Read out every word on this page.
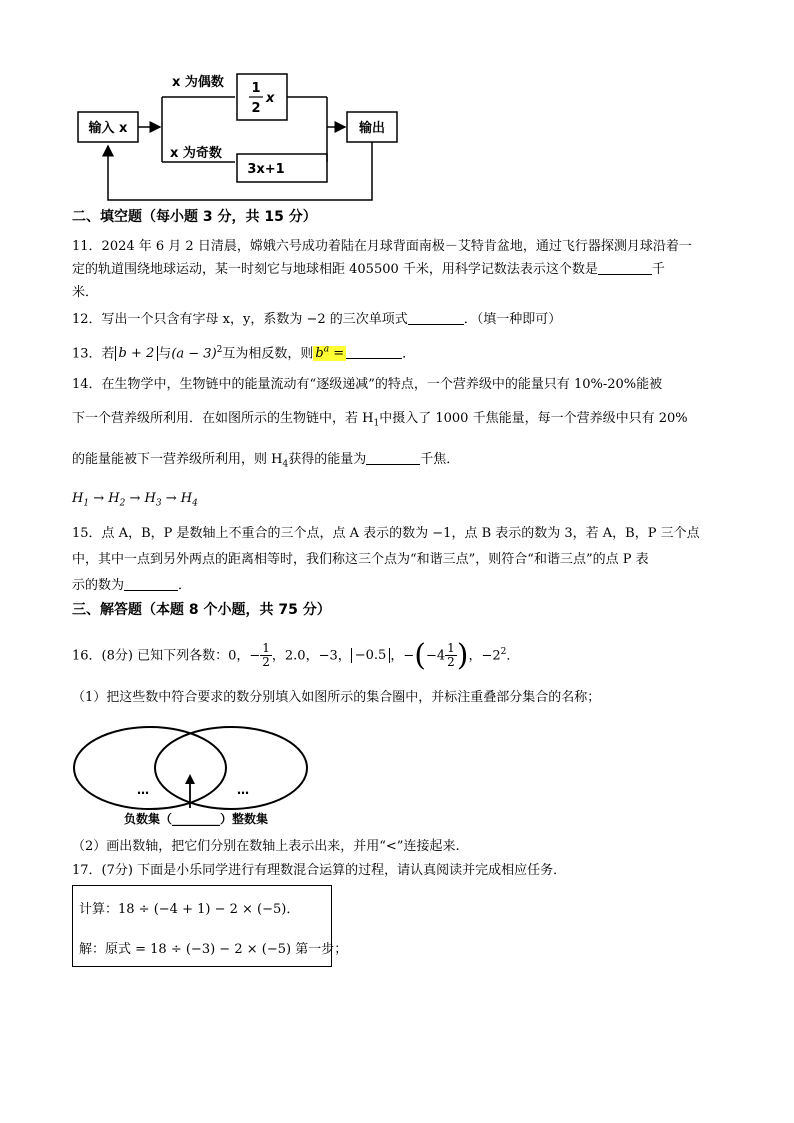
输入 x
x 为偶数 1
2
x
x 为奇数
3x+1
输出
二、填空题（每小题 3 分，共 15 分）
11．2024 年 6 月 2 日清晨，嫦娥六号成功着陆在月球背面南极－艾特肯盆地，通过飞行器探测月球沿着一
定的轨道围绕地球运动，某一时刻它与地球相距 405500 千米，用科学记数法表示这个数是	千
米．
12．写出一个只含有字母 x，y，系数为 −2 的三次单项式	．（填一种即可）
13．若 b + 2 与$(a - 3)^2$互为相反数，则 $b^a$ =	．
14．在生物学中，生物链中的能量流动有“逐级递减”的特点，一个营养级中的能量只有 10%-20%能被
下一个营养级所利用．在如图所示的生物链中，若 $H_1$中摄入了 1000 千焦能量，每一个营养级中只有 20%
的能量能被下一营养级所利用，则 $H_4$获得的能量为	千焦．
$H_1 \to H_2 \to H_3 \to H_4$
15．点 A，B，P 是数轴上不重合的三个点，点 A 表示的数为 −1，点 B 表示的数为 3，若 A，B，P 三个点
中，其中一点到另外两点的距离相等时，我们称这三个点为“和谐三点”，则符合“和谐三点”的点 P 表
示的数为	．
三、解答题（本题 8 个小题，共 75 分）
16．(8分) 已知下列各数：0，− $\frac{1}{2}$ ，2.0，−3， −0.5 ，$-(-4 \frac{1}{2}$ )，$-2^2$．
（1）把这些数中符合要求的数分别填入如图所示的集合圈中，并标注重叠部分集合的名称；
…	…
负数集（________）整数集
（2）画出数轴，把它们分别在数轴上表示出来，并用“<”连接起来.
17．(7分) 下面是小乐同学进行有理数混合运算的过程，请认真阅读并完成相应任务．
计算：18 ÷ (−4 + 1) − 2 × (−5)．
解：原式 = 18 ÷ (−3) − 2 × (−5) 第一步；
